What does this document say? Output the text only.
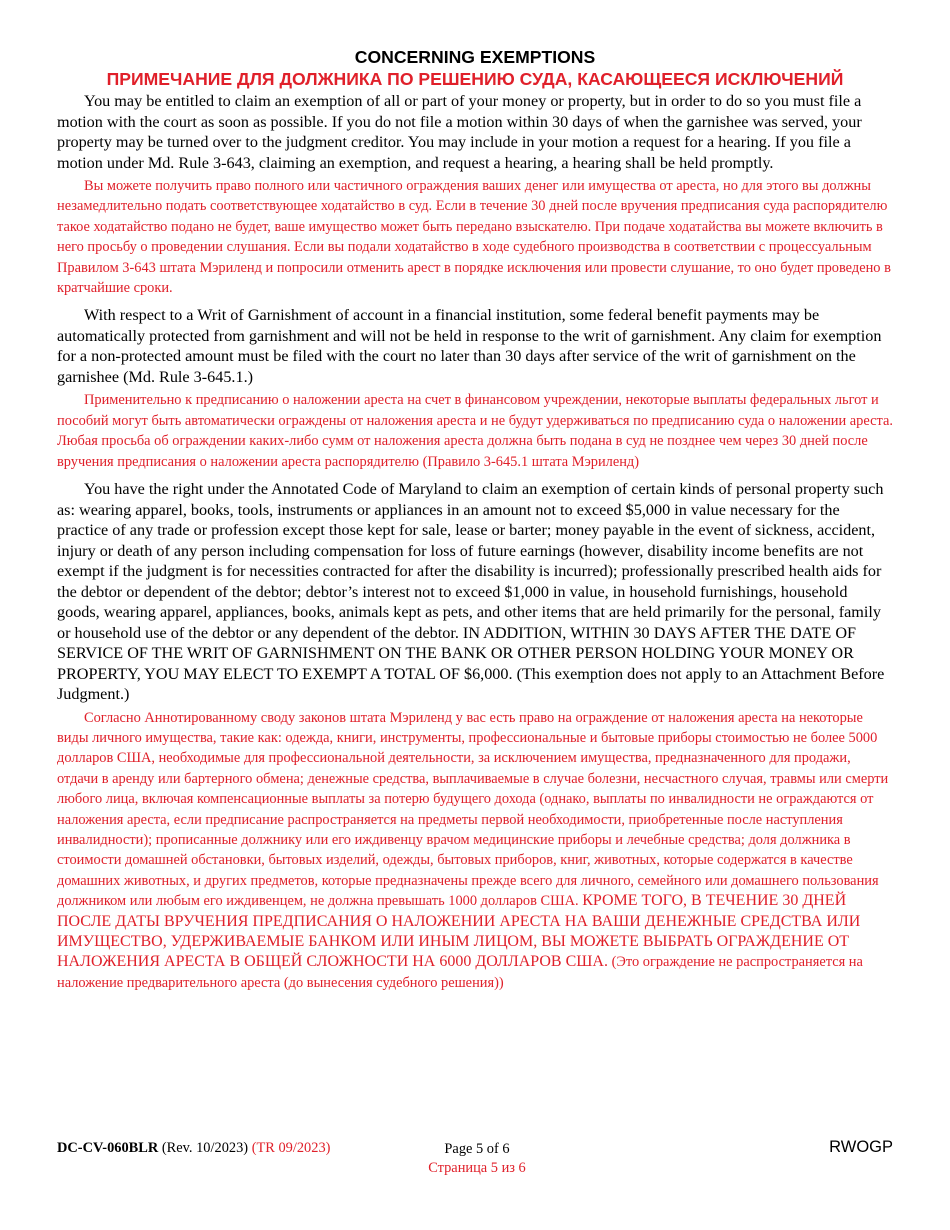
CONCERNING EXEMPTIONS
ПРИМЕЧАНИЕ ДЛЯ ДОЛЖНИКА ПО РЕШЕНИЮ СУДА, КАСАЮЩЕЕСЯ ИСКЛЮЧЕНИЙ

You may be entitled to claim an exemption of all or part of your money or property, but in order to do so you must file a motion with the court as soon as possible. If you do not file a motion within 30 days of when the garnishee was served, your property may be turned over to the judgment creditor. You may include in your motion a request for a hearing. If you file a motion under Md. Rule 3-643, claiming an exemption, and request a hearing, a hearing shall be held promptly.

Вы можете получить право полного или частичного ограждения ваших денег или имущества от ареста, но для этого вы должны незамедлительно подать соответствующее ходатайство в суд. Если в течение 30 дней после вручения предписания суда распорядителю такое ходатайство подано не будет, ваше имущество может быть передано взыскателю. При подаче ходатайства вы можете включить в него просьбу о проведении слушания. Если вы подали ходатайство в ходе судебного производства в соответствии с процессуальным Правилом 3-643 штата Мэриленд и попросили отменить арест в порядке исключения или провести слушание, то оно будет проведено в кратчайшие сроки.

With respect to a Writ of Garnishment of account in a financial institution, some federal benefit payments may be automatically protected from garnishment and will not be held in response to the writ of garnishment. Any claim for exemption for a non-protected amount must be filed with the court no later than 30 days after service of the writ of garnishment on the garnishee (Md. Rule 3-645.1.)

Применительно к предписанию о наложении ареста на счет в финансовом учреждении, некоторые выплаты федеральных льгот и пособий могут быть автоматически ограждены от наложения ареста и не будут удерживаться по предписанию суда о наложении ареста. Любая просьба об ограждении каких-либо сумм от наложения ареста должна быть подана в суд не позднее чем через 30 дней после вручения предписания о наложении ареста распорядителю (Правило 3-645.1 штата Мэриленд)

You have the right under the Annotated Code of Maryland to claim an exemption of certain kinds of personal property such as: wearing apparel, books, tools, instruments or appliances in an amount not to exceed $5,000 in value necessary for the practice of any trade or profession except those kept for sale, lease or barter; money payable in the event of sickness, accident, injury or death of any person including compensation for loss of future earnings (however, disability income benefits are not exempt if the judgment is for necessities contracted for after the disability is incurred); professionally prescribed health aids for the debtor or dependent of the debtor; debtor’s interest not to exceed $1,000 in value, in household furnishings, household goods, wearing apparel, appliances, books, animals kept as pets, and other items that are held primarily for the personal, family or household use of the debtor or any dependent of the debtor. IN ADDITION, WITHIN 30 DAYS AFTER THE DATE OF SERVICE OF THE WRIT OF GARNISHMENT ON THE BANK OR OTHER PERSON HOLDING YOUR MONEY OR PROPERTY, YOU MAY ELECT TO EXEMPT A TOTAL OF $6,000. (This exemption does not apply to an Attachment Before Judgment.)

Согласно Аннотированному своду законов штата Мэриленд у вас есть право на ограждение от наложения ареста на некоторые виды личного имущества, такие как: одежда, книги, инструменты, профессиональные и бытовые приборы стоимостью не более 5000 долларов США, необходимые для профессиональной деятельности, за исключением имущества, предназначенного для продажи, отдачи в аренду или бартерного обмена; денежные средства, выплачиваемые в случае болезни, несчастного случая, травмы или смерти любого лица, включая компенсационные выплаты за потерю будущего дохода (однако, выплаты по инвалидности не ограждаются от наложения ареста, если предписание распространяется на предметы первой необходимости, приобретенные после наступления инвалидности); прописанные должнику или его иждивенцу врачом медицинские приборы и лечебные средства; доля должника в стоимости домашней обстановки, бытовых изделий, одежды, бытовых приборов, книг, животных, которые содержатся в качестве домашних животных, и других предметов, которые предназначены прежде всего для личного, семейного или домашнего пользования должником или любым его иждивенцем, не должна превышать 1000 долларов США. КРОМЕ ТОГО, В ТЕЧЕНИЕ 30 ДНЕЙ ПОСЛЕ ДАТЫ ВРУЧЕНИЯ ПРЕДПИСАНИЯ О НАЛОЖЕНИИ АРЕСТА НА ВАШИ ДЕНЕЖНЫЕ СРЕДСТВА ИЛИ ИМУЩЕСТВО, УДЕРЖИВАЕМЫЕ БАНКОМ ИЛИ ИНЫМ ЛИЦОМ, ВЫ МОЖЕТЕ ВЫБРАТЬ ОГРАЖДЕНИЕ ОТ НАЛОЖЕНИЯ АРЕСТА В ОБЩЕЙ СЛОЖНОСТИ НА 6000 ДОЛЛАРОВ США. (Это ограждение не распространяется на наложение предварительного ареста (до вынесения судебного решения))

DC-CV-060BLR (Rev. 10/2023) (TR 09/2023)	Page 5 of 6
Страница 5 из 6
RWOGP
